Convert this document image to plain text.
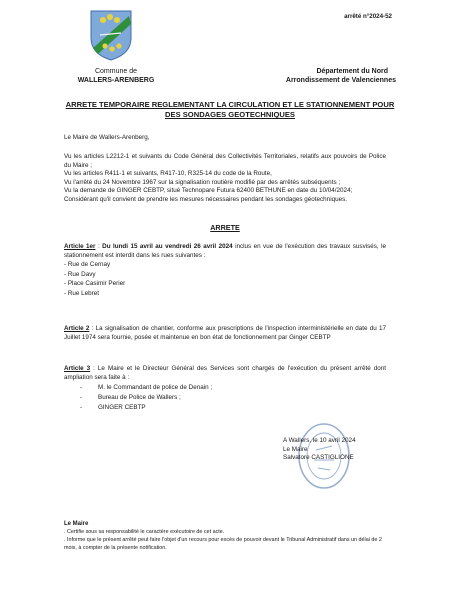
arrêté n°2024-52
Commune de
WALLERS-ARENBERG
Département du Nord
Arrondissement de Valenciennes
ARRETE TEMPORAIRE REGLEMENTANT LA CIRCULATION ET LE STATIONNEMENT POUR DES SONDAGES GEOTECHNIQUES
Le Maire de Wallers-Arenberg,

Vu les articles L2212-1 et suivants du Code Général des Collectivités Territoriales, relatifs aux pouvoirs de Police du Maire ;

Vu les articles R411-1 et suivants, R417-10, R325-14 du code de la Route,

Vu l'arrêté du 24 Novembre 1967 sur la signalisation routière modifié par des arrêtés subséquents ;

Vu la demande de GINGER CEBTP, situé Technopare Futura 62400 BETHUNE en date du 10/04/2024;

Considérant qu'il convient de prendre les mesures nécessaires pendant les sondages géotechniques.

ARRETE

Article 1er : Du lundi 15 avril au vendredi 26 avril 2024 inclus en vue de l'exécution des travaux susvisés, le stationnement est interdit dans les rues suivantes :

- Rue de Cernay
- Rue Davy
- Place Casimir Perier
- Rue Lebret

Article 2 : La signalisation de chantier, conforme aux prescriptions de l'inspection interministérielle en date du 17 Juillet 1974 sera fournie, posée et maintenue en bon état de fonctionnement par Ginger CEBTP

Article 3 : Le Maire et le Directeur Général des Services sont chargés de l'exécution du présent arrêté dont ampliation sera faite à :

-	M. le Commandant de police de Denain ;
-	Bureau de Police de Wallers ;
-	GINGER CEBTP
A Wallers, le 10 avril 2024
Le Maire
Salvatore CASTIGLIONE

Le Maire

. Certifie sous sa responsabilité le caractère exécutoire de cet acte.

. Informe que le présent arrêté peut faire l'objet d'un recours pour excès de pouvoir devant le Tribunal Administratif dans un délai de 2 mois, à compter de la présente notification.
